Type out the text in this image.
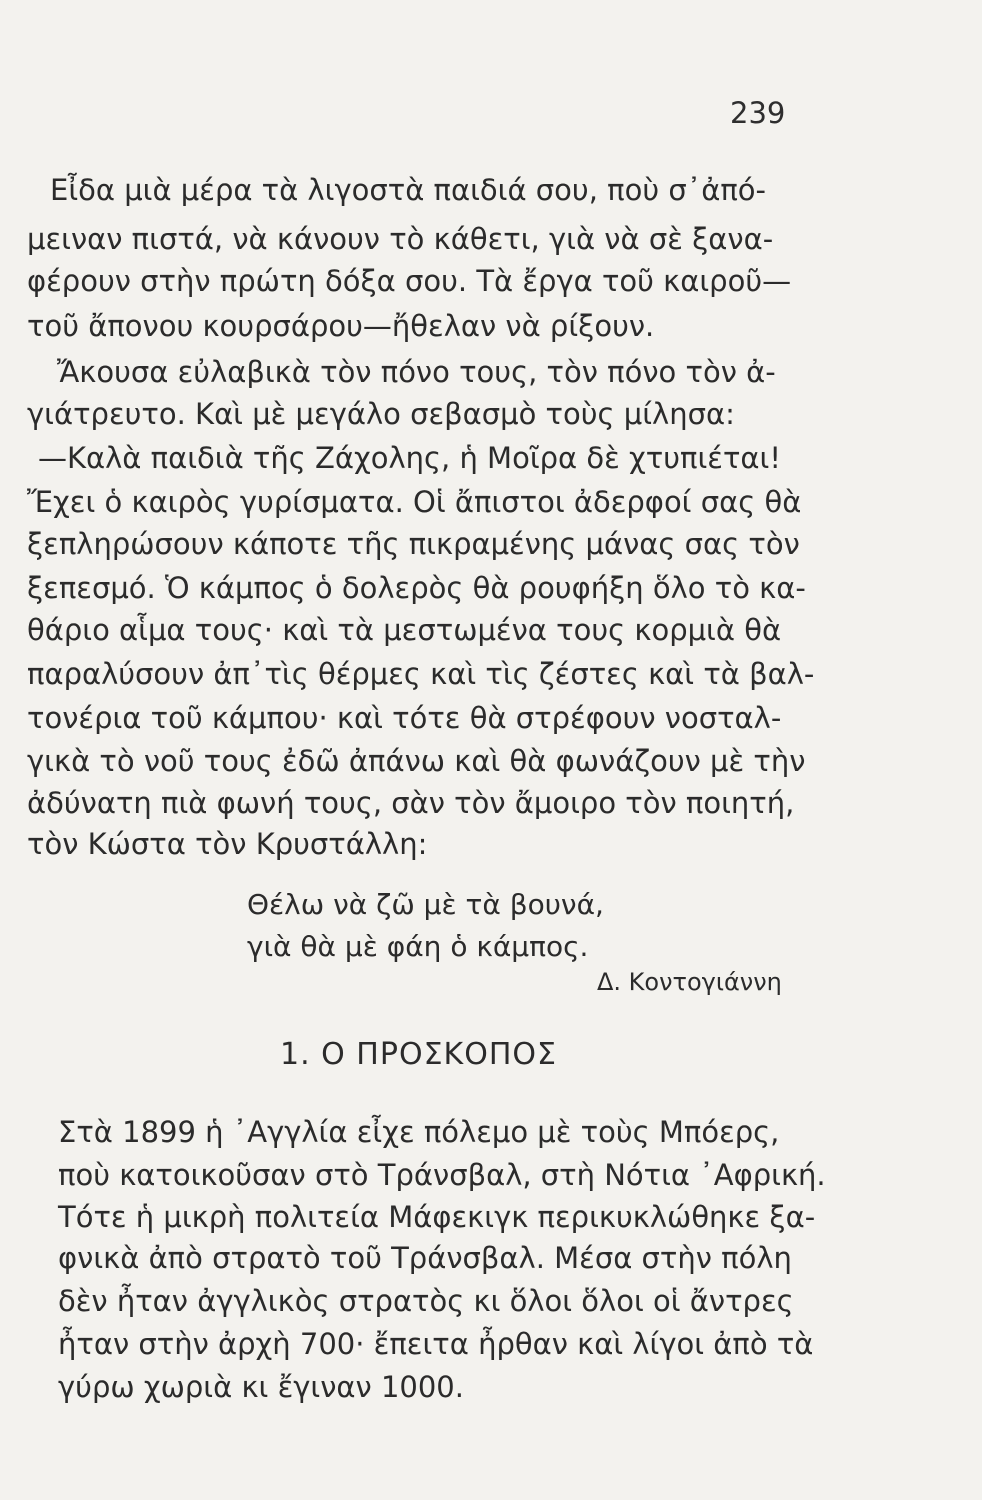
239
Εἶδα μιὰ μέρα τὰ λιγοστὰ παιδιά σου, ποὺ σ᾿ἀπό-
μειναν πιστά, νὰ κάνουν τὸ κάθετι, γιὰ νὰ σὲ ξανα-
φέρουν στὴν πρώτη δόξα σου. Τὰ ἔργα τοῦ καιροῦ—
τοῦ ἄπονου κουρσάρου—ἤθελαν νὰ ρίξουν.
Ἄκουσα εὐλαβικὰ τὸν πόνο τους, τὸν πόνο τὸν ἀ-
γιάτρευτο. Καὶ μὲ μεγάλο σεβασμὸ τοὺς μίλησα:
—Καλὰ παιδιὰ τῆς Ζάχολης, ἡ Μοῖρα δὲ χτυπιέται!
Ἔχει ὁ καιρὸς γυρίσματα. Οἱ ἄπιστοι ἀδερφοί σας θὰ
ξεπληρώσουν κάποτε τῆς πικραμένης μάνας σας τὸν
ξεπεσμό. Ὁ κάμπος ὁ δολερὸς θὰ ρουφήξη ὅλο τὸ κα-
θάριο αἷμα τους· καὶ τὰ μεστωμένα τους κορμιὰ θὰ
παραλύσουν ἀπ᾿τὶς θέρμες καὶ τὶς ζέστες καὶ τὰ βαλ-
τονέρια τοῦ κάμπου· καὶ τότε θὰ στρέφουν νοσταλ-
γικὰ τὸ νοῦ τους ἐδῶ ἀπάνω καὶ θὰ φωνάζουν μὲ τὴν
ἀδύνατη πιὰ φωνή τους, σὰν τὸν ἄμοιρο τὸν ποιητή,
τὸν Κώστα τὸν Κρυστάλλη:
Θέλω νὰ ζῶ μὲ τὰ βουνά,
γιὰ θὰ μὲ φάη ὁ κάμπος.
Δ. Κοντογιάννη
1. Ο ΠΡΟΣΚΟΠΟΣ
Στὰ 1899 ἡ ᾿Αγγλία εἶχε πόλεμο μὲ τοὺς Μπόερς,
ποὺ κατοικοῦσαν στὸ Τράνσβαλ, στὴ Νότια ᾿Αφρική.
Τότε ἡ μικρὴ πολιτεία Μάφεκιγκ περικυκλώθηκε ξα-
φνικὰ ἀπὸ στρατὸ τοῦ Τράνσβαλ. Μέσα στὴν πόλη
δὲν ἦταν ἀγγλικὸς στρατὸς κι ὅλοι ὅλοι οἱ ἄντρες
ἦταν στὴν ἀρχὴ 700· ἔπειτα ἦρθαν καὶ λίγοι ἀπὸ τὰ
γύρω χωριὰ κι ἔγιναν 1000.
